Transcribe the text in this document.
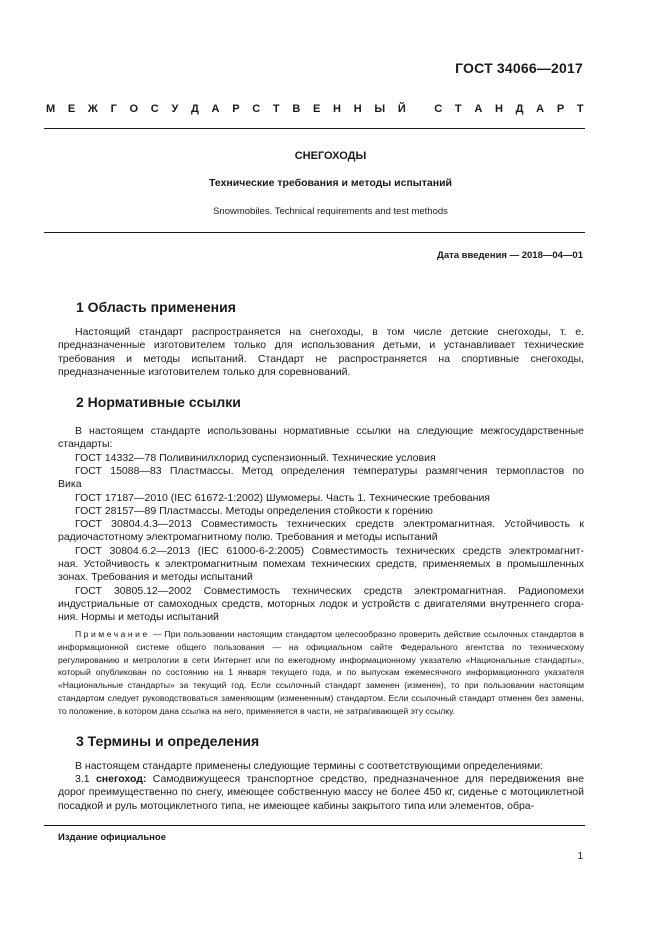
ГОСТ 34066—2017
М Е Ж Г О С У Д А Р С Т В Е Н Н Ы Й
	С Т А Н Д А Р Т
СНЕГОХОДЫ
Технические требования и методы испытаний
Snowmobiles. Technical requirements and test methods
Дата введения — 2018—04—01
1 Область применения
Настоящий стандарт распространяется на снегоходы, в том числе детские снегоходы, т. е. предназначенные изготовителем только для использования детьми, и устанавливает технические требования и методы испытаний. Стандарт не распространяется на спортивные снегоходы, предназначенные изготовителем только для соревнований.
2 Нормативные ссылки
В настоящем стандарте использованы нормативные ссылки на следующие межгосударственные
стандарты:
ГОСТ 14332—78 Поливинилхлорид суспензионный. Технические условия
ГОСТ 15088—83 Пластмассы. Метод определения температуры размягчения термопластов по
Вика
ГОСТ 17187—2010 (IEC 61672-1:2002) Шумомеры. Часть 1. Технические требования
ГОСТ 28157—89 Пластмассы. Методы определения стойкости к горению
ГОСТ 30804.4.3—2013 Совместимость технических средств электромагнитная. Устойчивость к
радиочастотному электромагнитному полю. Требования и методы испытаний
ГОСТ 30804.6.2—2013 (IEC 61000-6-2:2005) Совместимость технических средств электромагнит-
ная. Устойчивость к электромагнитным помехам технических средств, применяемых в промышленных
зонах. Требования и методы испытаний
ГОСТ 30805.12—2002 Совместимость технических средств электромагнитная. Радиопомехи
индустриальные от самоходных средств, моторных лодок и устройств с двигателями внутреннего сгора-
ния. Нормы и методы испытаний
Примечание — При пользовании настоящим стандартом целесообразно проверить действие ссылочных стандартов в информационной системе общего пользования — на официальном сайте Федерального агентства по техническому регулированию и метрологии в сети Интернет или по ежегодному информационному указателю «Национальные стандарты», который опубликован по состоянию на 1 января текущего года, и по выпускам ежемесячного информационного указателя «Национальные стандарты» за текущий год. Если ссылочный стандарт заменен (изменен), то при пользовании настоящим стандартом следует руководствоваться заменяющим (измененным) стандартом. Если ссылочный стандарт отменен без замены, то положение, в котором дана ссылка на него, применяется в части, не затрагивающей эту ссылку.
3 Термины и определения
В настоящем стандарте применены следующие термины с соответствующими определениями:
3.1 снегоход: Самодвижущееся транспортное средство, предназначенное для передвижения вне дорог преимущественно по снегу, имеющее собственную массу не более 450 кг, сиденье с мотоциклетной посадкой и руль мотоциклетного типа, не имеющее кабины закрытого типа или элементов, обра-
Издание официальное
1
